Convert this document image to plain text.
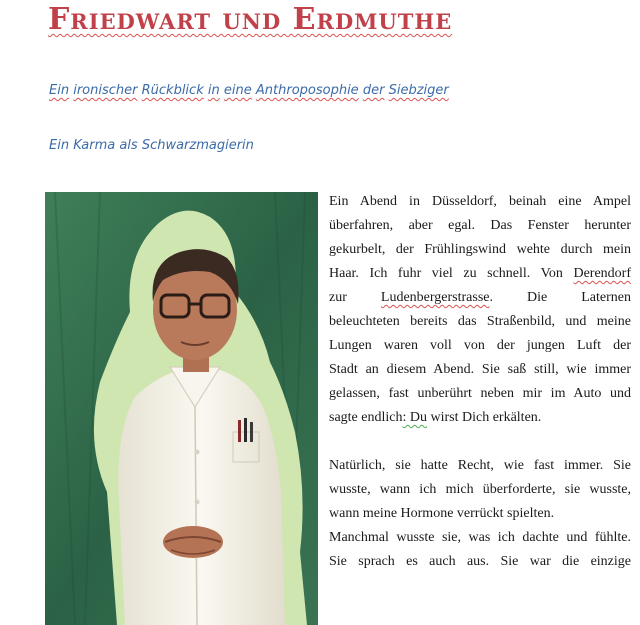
Friedwart und Erdmuthe
Ein ironischer Rückblick in eine Anthroposophie der Siebziger
Ein Karma als Schwarzmagierin

Ein Abend in Düsseldorf, beinah eine Ampel
überfahren, aber egal. Das Fenster herunter
gekurbelt, der Frühlingswind wehte durch mein
Haar. Ich fuhr viel zu schnell. Von Derendorf
zur Ludenbergerstrasse. Die Laternen
beleuchteten bereits das Straßenbild, und meine
Lungen waren voll von der jungen Luft der
Stadt an diesem Abend. Sie saß still, wie immer
gelassen, fast unberührt neben mir im Auto und
sagte endlich: Du wirst Dich erkälten.

Natürlich, sie hatte Recht, wie fast immer. Sie
wusste, wann ich mich überforderte, sie wusste,
wann meine Hormone verrückt spielten.
Manchmal wusste sie, was ich dachte und fühlte.
Sie sprach es auch aus. Sie war die einzige
